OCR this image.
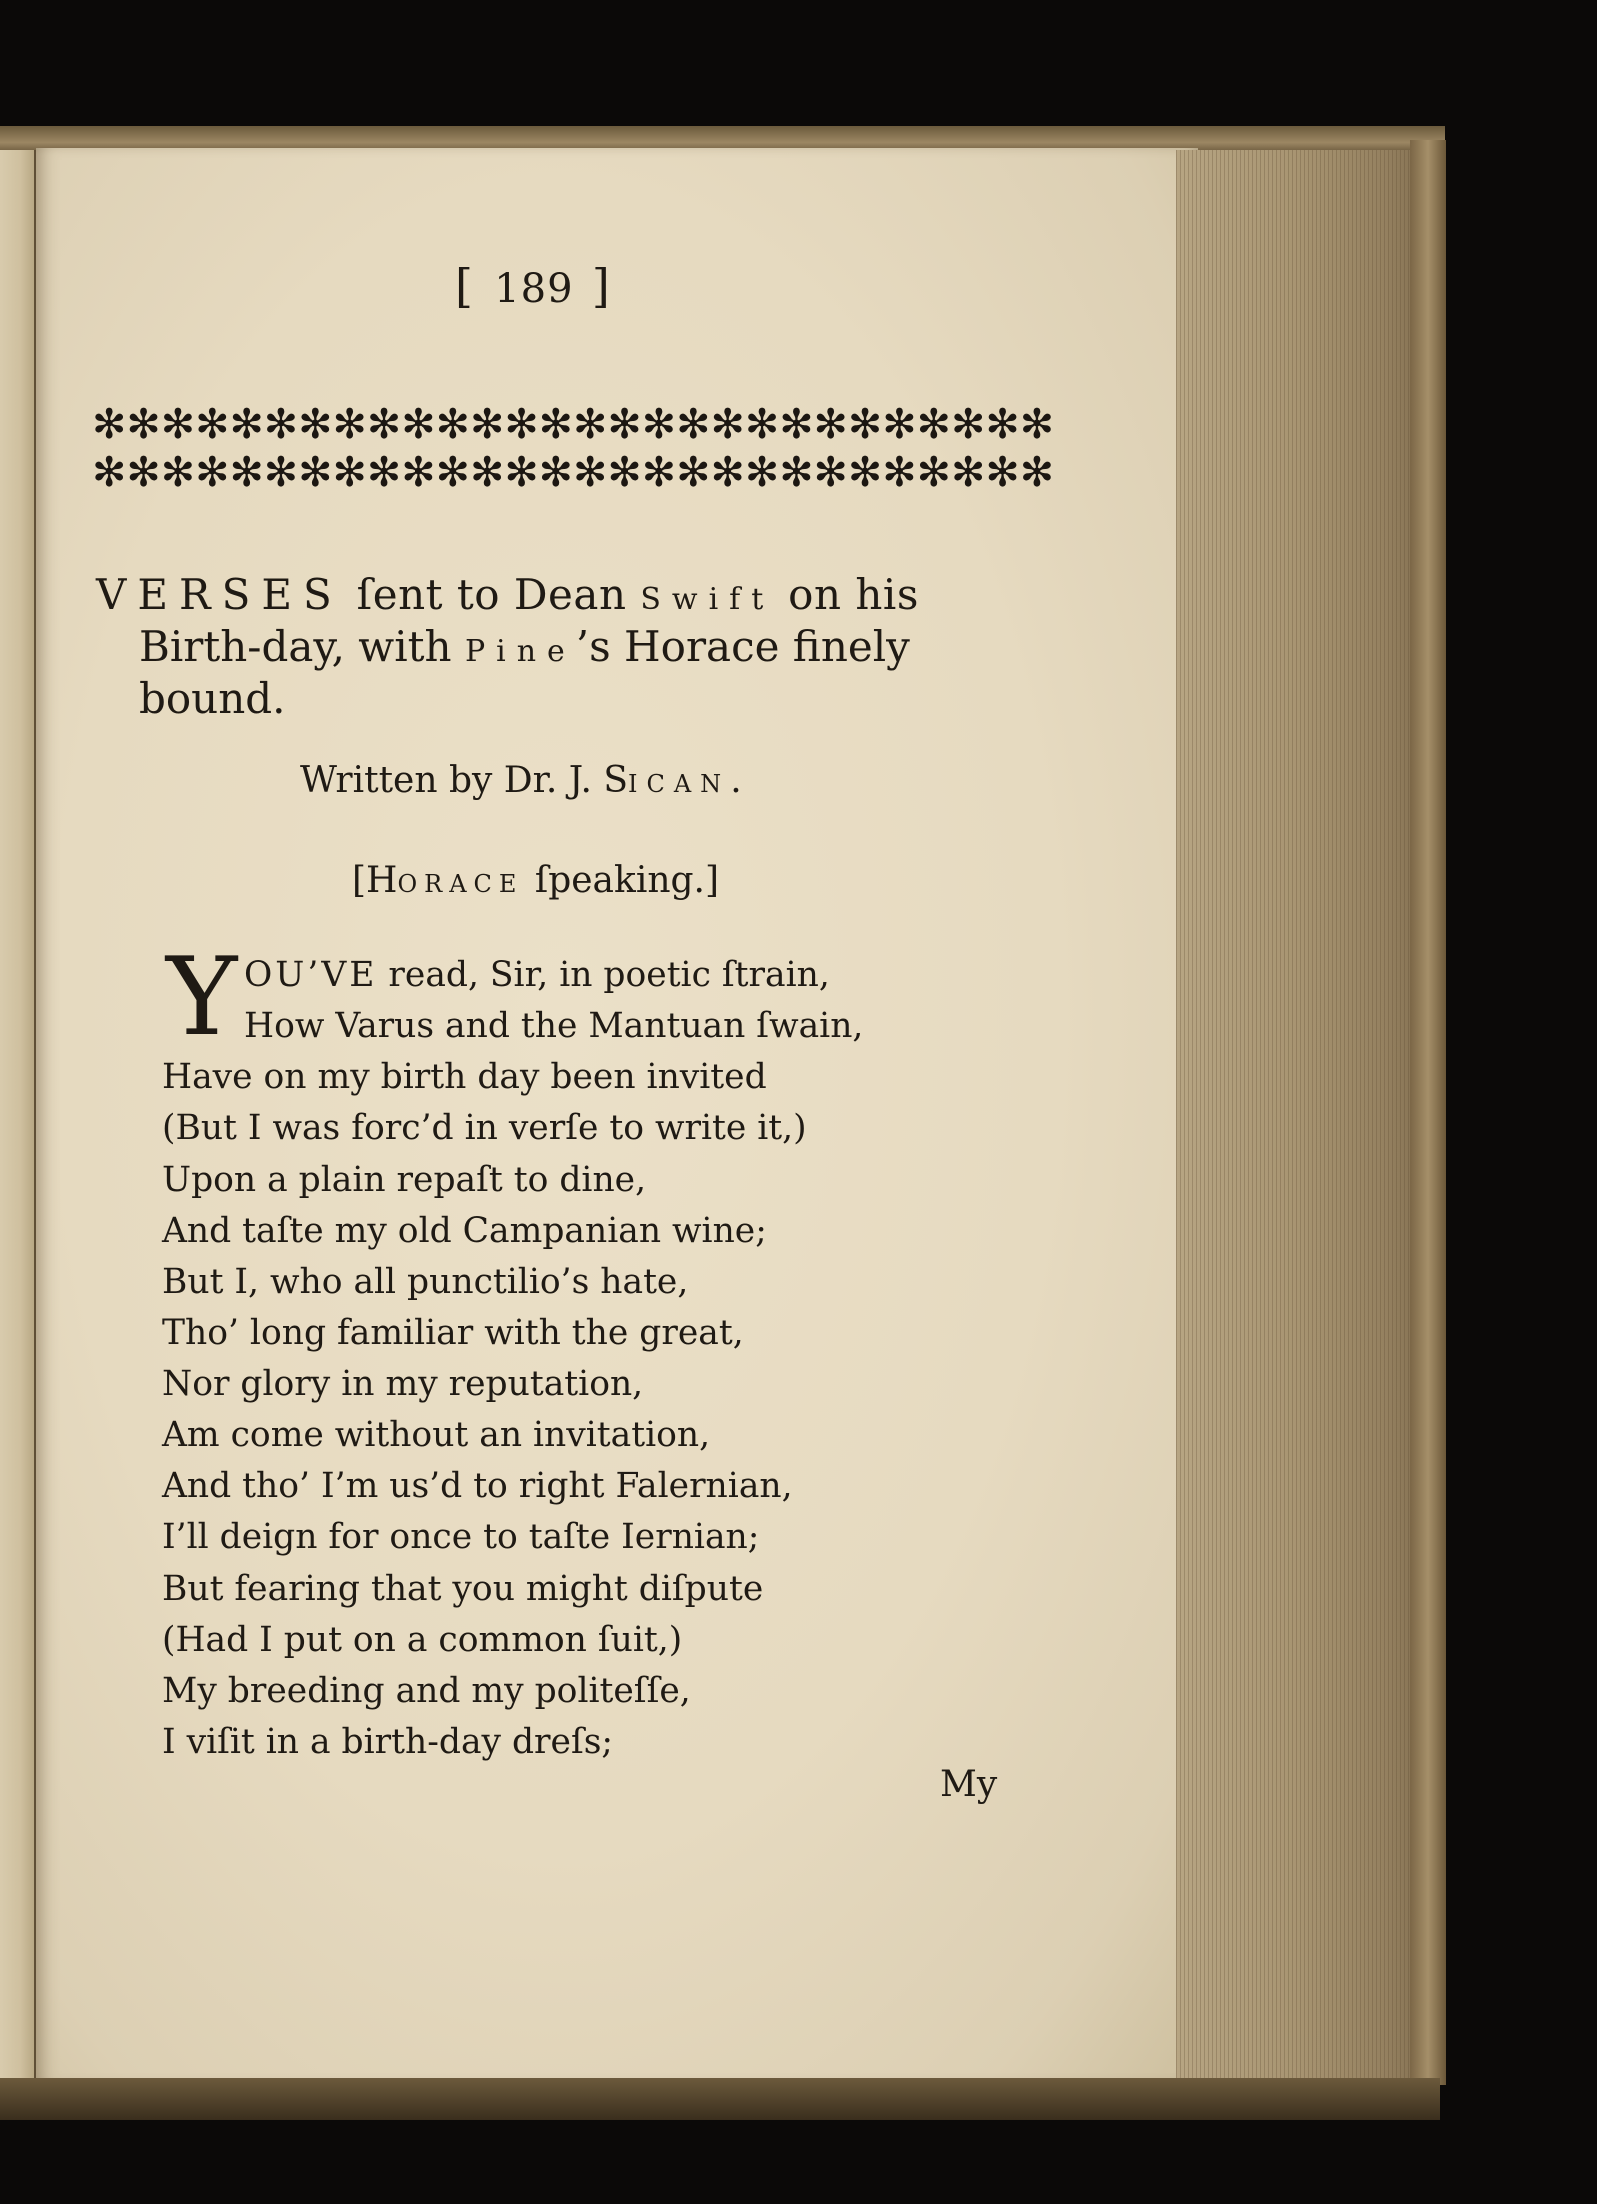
[ 189 ]
✻ ✻ ✻ ✻ ✻ ✻ ✻ ✻ ✻ ✻ ✻ ✻ ✻ ✻ ✻ ✻ ✻ ✻ ✻ ✻ ✻ ✻ ✻ ✻ ✻ ✻ ✻ ✻
✻ ✻ ✻ ✻ ✻ ✻ ✻ ✻ ✻ ✻ ✻ ✻ ✻ ✻ ✻ ✻ ✻ ✻ ✻ ✻ ✻ ✻ ✻ ✻ ✻ ✻ ✻ ✻
VERSES ſent to Dean Swift on his
Birth-day, with Pine’s Horace finely
bound.
Written by Dr. J. SICAN.
[HORACE ſpeaking.]
Y OU’VE read, Sir, in poetic ſtrain,
How Varus and the Mantuan ſwain,
Have on my birth day been invited
(But I was forc’d in verſe to write it,)
Upon a plain repaſt to dine,
And taſte my old Campanian wine;
But I, who all punctilio’s hate,
Tho’ long familiar with the great,
Nor glory in my reputation,
Am come without an invitation,
And tho’ I’m us’d to right Falernian,
I’ll deign for once to taſte Iernian;
But fearing that you might diſpute
(Had I put on a common ſuit,)
My breeding and my politeſſe,
I viſit in a birth-day dreſs;
My
